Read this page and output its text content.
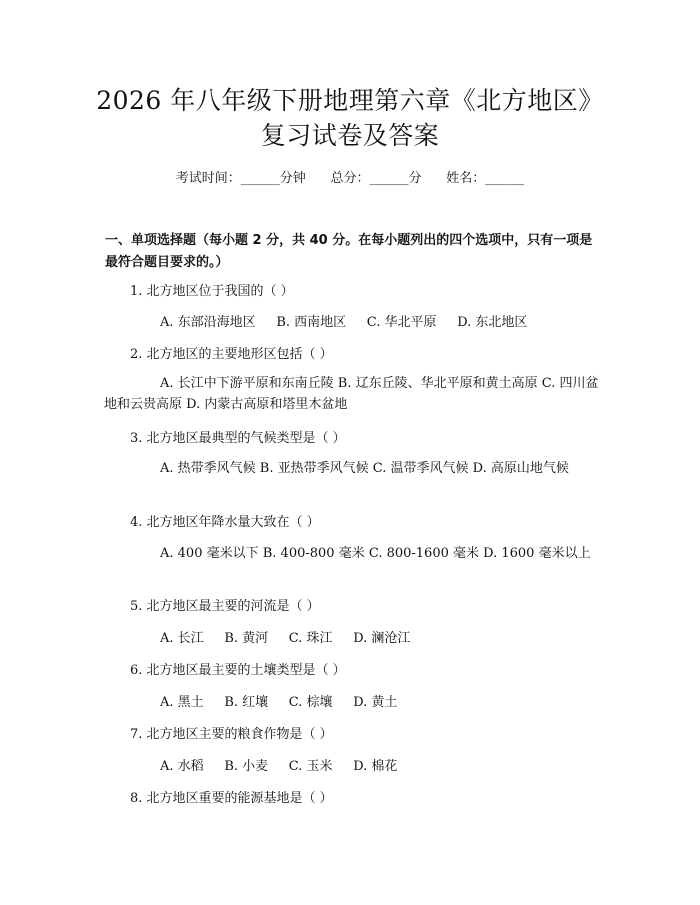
2026 年八年级下册地理第六章《北方地区》
复习试卷及答案
考试时间：______分钟      总分：______分      姓名：______
一、单项选择题（每小题 2 分，共 40 分。在每小题列出的四个选项中，只有一项是最符合题目要求的。）
1. 北方地区位于我国的（ ）
A. 东部沿海地区     B. 西南地区     C. 华北平原     D. 东北地区
2. 北方地区的主要地形区包括（ ）
A. 长江中下游平原和东南丘陵 B. 辽东丘陵、华北平原和黄土高原 C. 四川盆地和云贵高原 D. 内蒙古高原和塔里木盆地
3. 北方地区最典型的气候类型是（ ）
A. 热带季风气候 B. 亚热带季风气候 C. 温带季风气候 D. 高原山地气候
4. 北方地区年降水量大致在（ ）
A. 400 毫米以下 B. 400-800 毫米 C. 800-1600 毫米 D. 1600 毫米以上
5. 北方地区最主要的河流是（ ）
A. 长江     B. 黄河     C. 珠江     D. 澜沧江
6. 北方地区最主要的土壤类型是（ ）
A. 黑土     B. 红壤     C. 棕壤     D. 黄土
7. 北方地区主要的粮食作物是（ ）
A. 水稻     B. 小麦     C. 玉米     D. 棉花
8. 北方地区重要的能源基地是（ ）
